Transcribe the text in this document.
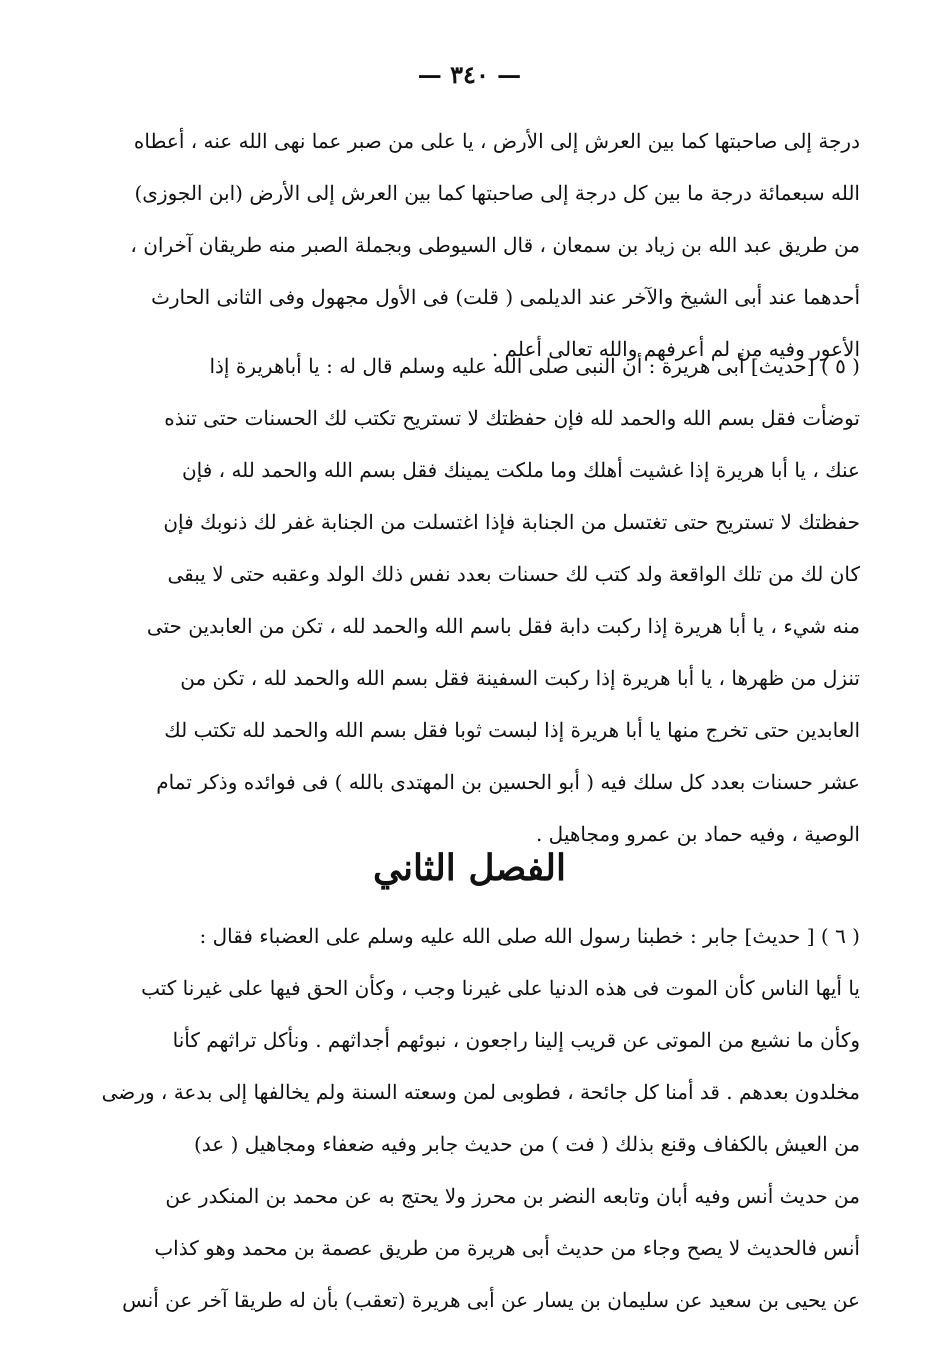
— ٣٤٠ —
درجة إلى صاحبتها كما بين العرش إلى الأرض ، يا على من صبر عما نهى الله عنه ، أعطاه
الله سبعمائة درجة ما بين كل درجة إلى صاحبتها كما بين العرش إلى الأرض (ابن الجوزى)
من طريق عبد الله بن زياد بن سمعان ، قال السيوطى وبجملة الصبر منه طريقان آخران ،
أحدهما عند أبى الشيخ والآخر عند الديلمى ( قلت) فى الأول مجهول وفى الثانى الحارث
الأعور وفيه من لم أعرفهم والله تعالى أعلم .
( ٥ ) [حديث] أبى هريرة : أن النبى صلى الله عليه وسلم قال له : يا أباهريرة إذا
توضأت فقل بسم الله والحمد لله فإن حفظتك لا تستريح تكتب لك الحسنات حتى تنذه
عنك ، يا أبا هريرة إذا غشيت أهلك وما ملكت يمينك فقل بسم الله والحمد لله ، فإن
حفظتك لا تستريح حتى تغتسل من الجنابة فإذا اغتسلت من الجنابة غفر لك ذنوبك فإن
كان لك من تلك الواقعة ولد كتب لك حسنات بعدد نفس ذلك الولد وعقبه حتى لا يبقى
منه شيء ، يا أبا هريرة إذا ركبت دابة فقل باسم الله والحمد لله ، تكن من العابدين حتى
تنزل من ظهرها ، يا أبا هريرة إذا ركبت السفينة فقل بسم الله والحمد لله ، تكن من
العابدين حتى تخرج منها يا أبا هريرة إذا لبست ثوبا فقل بسم الله والحمد لله تكتب لك
عشر حسنات بعدد كل سلك فيه ( أبو الحسين بن المهتدى بالله ) فى فوائده وذكر تمام
الوصية ، وفيه حماد بن عمرو ومجاهيل .
الفصل الثاني
( ٦ ) [ حديث] جابر : خطبنا رسول الله صلى الله عليه وسلم على العضباء فقال :
يا أيها الناس كأن الموت فى هذه الدنيا على غيرنا وجب ، وكأن الحق فيها على غيرنا كتب
وكأن ما نشيع من الموتى عن قريب إلينا راجعون ، نبوئهم أجداثهم . ونأكل تراثهم كأنا
مخلدون بعدهم . قد أمنا كل جائحة ، فطوبى لمن وسعته السنة ولم يخالفها إلى بدعة ، ورضى
من العيش بالكفاف وقنع بذلك ( فت ) من حديث جابر وفيه ضعفاء ومجاهيل ( عد)
من حديث أنس وفيه أبان وتابعه النضر بن محرز ولا يحتج به عن محمد بن المنكدر عن
أنس فالحديث لا يصح وجاء من حديث أبى هريرة من طريق عصمة بن محمد وهو كذاب
عن يحيى بن سعيد عن سليمان بن يسار عن أبى هريرة (تعقب) بأن له طريقا آخر عن أنس
